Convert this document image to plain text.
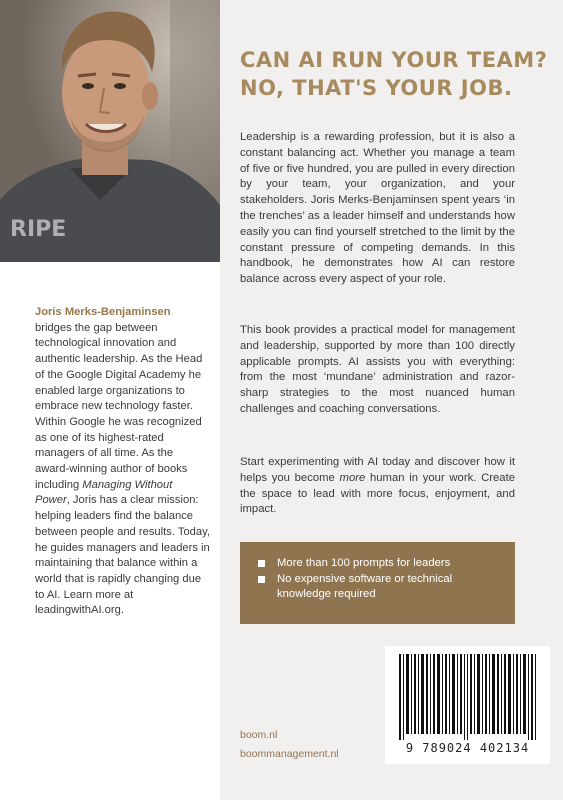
RIPE
Joris Merks-Benjaminsen
bridges the gap between technological innovation and authentic leadership. As the Head of the Google Digital Academy he enabled large organizations to embrace new technology faster. Within Google he was recognized as one of its highest-rated managers of all time. As the award-winning author of books including Managing Without Power, Joris has a clear mission: helping leaders find the balance between people and results. Today, he guides managers and leaders in maintaining that balance within a world that is rapidly changing due to AI. Learn more at leadingwithAI.org.
CAN AI RUN YOUR TEAM?
NO, THAT'S YOUR JOB.
Leadership is a rewarding profession, but it is also a constant balancing act. Whether you manage a team of five or five hundred, you are pulled in every direction by your team, your organization, and your stakeholders. Joris Merks-Benjaminsen spent years ‘in the trenches’ as a leader himself and understands how easily you can find yourself stretched to the limit by the constant pressure of competing demands. In this handbook, he demonstrates how AI can restore balance across every aspect of your role.
This book provides a practical model for management and leadership, supported by more than 100 directly applicable prompts. AI assists you with everything: from the most ‘mundane’ administration and razor-sharp strategies to the most nuanced human challenges and coaching conversations.
Start experimenting with AI today and discover how it helps you become more human in your work. Create the space to lead with more focus, enjoyment, and impact.
More than 100 prompts for leaders
No expensive software or technical knowledge required
boom.nl
boommanagement.nl	9 789024 402134
